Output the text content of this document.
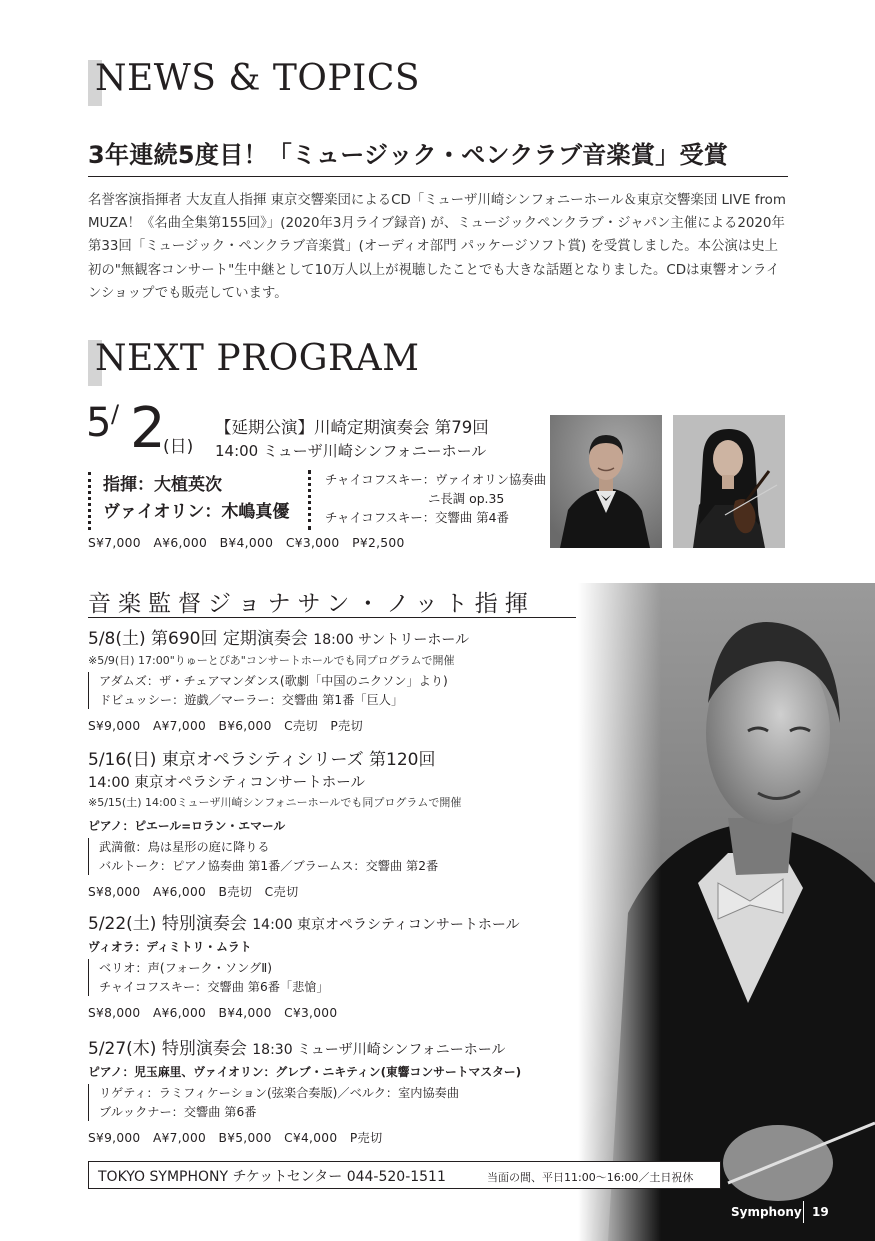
NEWS & TOPICS
3年連続5度目！「ミュージック・ペンクラブ音楽賞」受賞
名誉客演指揮者 大友直人指揮 東京交響楽団によるCD「ミューザ川崎シンフォニーホール＆東京交響楽団 LIVE from MUZA！《名曲全集第155回》」(2020年3月ライブ録音) が、ミュージックペンクラブ・ジャパン主催による2020年第33回「ミュージック・ペンクラブ音楽賞」(オーディオ部門 パッケージソフト賞) を受賞しました。本公演は史上初の"無観客コンサート"生中継として10万人以上が視聴したことでも大きな話題となりました。CDは東響オンラインショップでも販売しています。
NEXT PROGRAM
5 / 2
(日)
【延期公演】川崎定期演奏会 第79回
14:00 ミューザ川崎シンフォニーホール
指揮：大植英次
ヴァイオリン：木嶋真優
チャイコフスキー：ヴァイオリン協奏曲
ニ長調 op.35
チャイコフスキー：交響曲 第4番
S¥7,000　A¥6,000　B¥4,000　C¥3,000　P¥2,500
音楽監督ジョナサン・ノット指揮
5/8(土) 第690回 定期演奏会 18:00 サントリーホール
※5/9(日) 17:00"りゅーとぴあ"コンサートホールでも同プログラムで開催
アダムズ：ザ・チェアマンダンス(歌劇「中国のニクソン」より)
ドビュッシー：遊戯／マーラー：交響曲 第1番「巨人」
S¥9,000　A¥7,000　B¥6,000　C売切　P売切
5/16(日) 東京オペラシティシリーズ 第120回
14:00 東京オペラシティコンサートホール
※5/15(土) 14:00ミューザ川崎シンフォニーホールでも同プログラムで開催
ピアノ：ピエール=ロラン・エマール
武満徹：鳥は星形の庭に降りる
バルトーク：ピアノ協奏曲 第1番／ブラームス：交響曲 第2番
S¥8,000　A¥6,000　B売切　C売切
5/22(土) 特別演奏会 14:00 東京オペラシティコンサートホール
ヴィオラ：ディミトリ・ムラト
ベリオ：声(フォーク・ソングⅡ)
チャイコフスキー：交響曲 第6番「悲愴」
S¥8,000　A¥6,000　B¥4,000　C¥3,000
5/27(木) 特別演奏会 18:30 ミューザ川崎シンフォニーホール
ピアノ：児玉麻里、ヴァイオリン：グレブ・ニキティン(東響コンサートマスター)
リゲティ：ラミフィケーション(弦楽合奏版)／ベルク：室内協奏曲
ブルックナー：交響曲 第6番
S¥9,000　A¥7,000　B¥5,000　C¥4,000　P売切
TOKYO SYMPHONY チケットセンター 044-520-1511	当面の間、平日11:00〜16:00／土日祝休
Symphony 19
